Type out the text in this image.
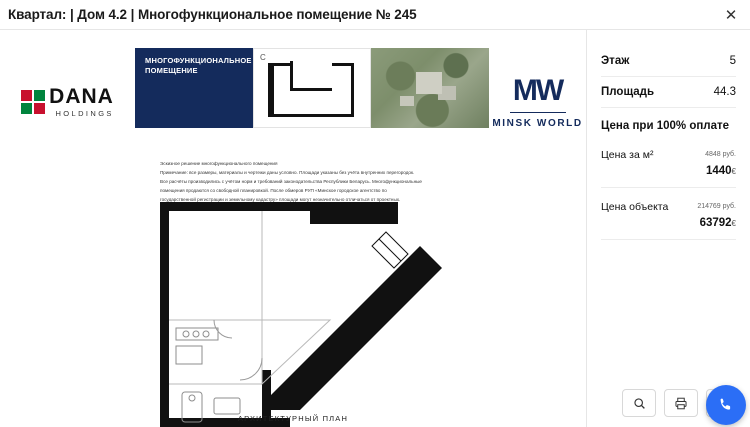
Квартал: | Дом 4.2 | Многофункциональное помещение № 245	✕
DANA
HOLDINGS
МНОГОФУНКЦИОНАЛЬНОЕ
ПОМЕЩЕНИЕ
С
MW
MINSK WORLD

Эскизное решение многофункционального помещения

Примечание: все размеры, материалы и чертежи даны условно. Площади указаны без учёта внутренних перегородок.

Все расчёты производились с учётом норм и требований законодательства Республики Беларусь. Многофункциональные

помещения продаются со свободной планировкой. После обмеров РУП «Минское городское агентство по

государственной регистрации и земельному кадастру» площади могут незначительно отличаться от проектных.

АРХИТЕКТУРНЫЙ ПЛАН
Этаж	5
Площадь	44.3
Цена при 100% оплате
Цена за м²	4848 руб.
1440€
Цена объекта	214769 руб.
63792€
